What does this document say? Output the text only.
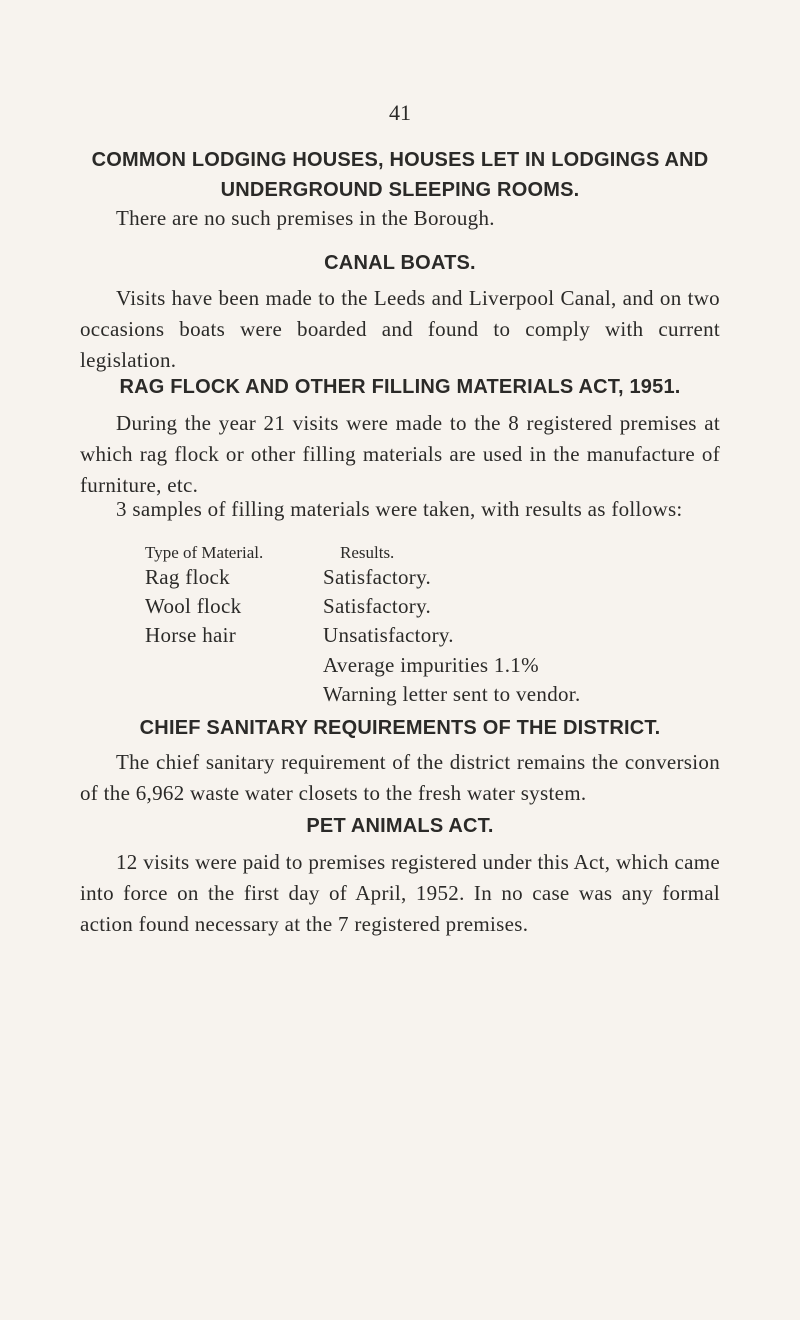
41
COMMON LODGING HOUSES, HOUSES LET IN LODGINGS AND UNDERGROUND SLEEPING ROOMS.
There are no such premises in the Borough.
CANAL BOATS.
Visits have been made to the Leeds and Liverpool Canal, and on two occasions boats were boarded and found to comply with current legislation.
RAG FLOCK AND OTHER FILLING MATERIALS ACT, 1951.
During the year 21 visits were made to the 8 registered premises at which rag flock or other filling materials are used in the manufacture of furniture, etc.
3 samples of filling materials were taken, with results as follows:
Type of Material.	Results.
Rag flock	Satisfactory.
Wool flock	Satisfactory.
Horse hair	Unsatisfactory.
Average impurities 1.1%
Warning letter sent to vendor.
CHIEF SANITARY REQUIREMENTS OF THE DISTRICT.
The chief sanitary requirement of the district remains the conversion of the 6,962 waste water closets to the fresh water system.
PET ANIMALS ACT.
12 visits were paid to premises registered under this Act, which came into force on the first day of April, 1952. In no case was any formal action found necessary at the 7 registered premises.
